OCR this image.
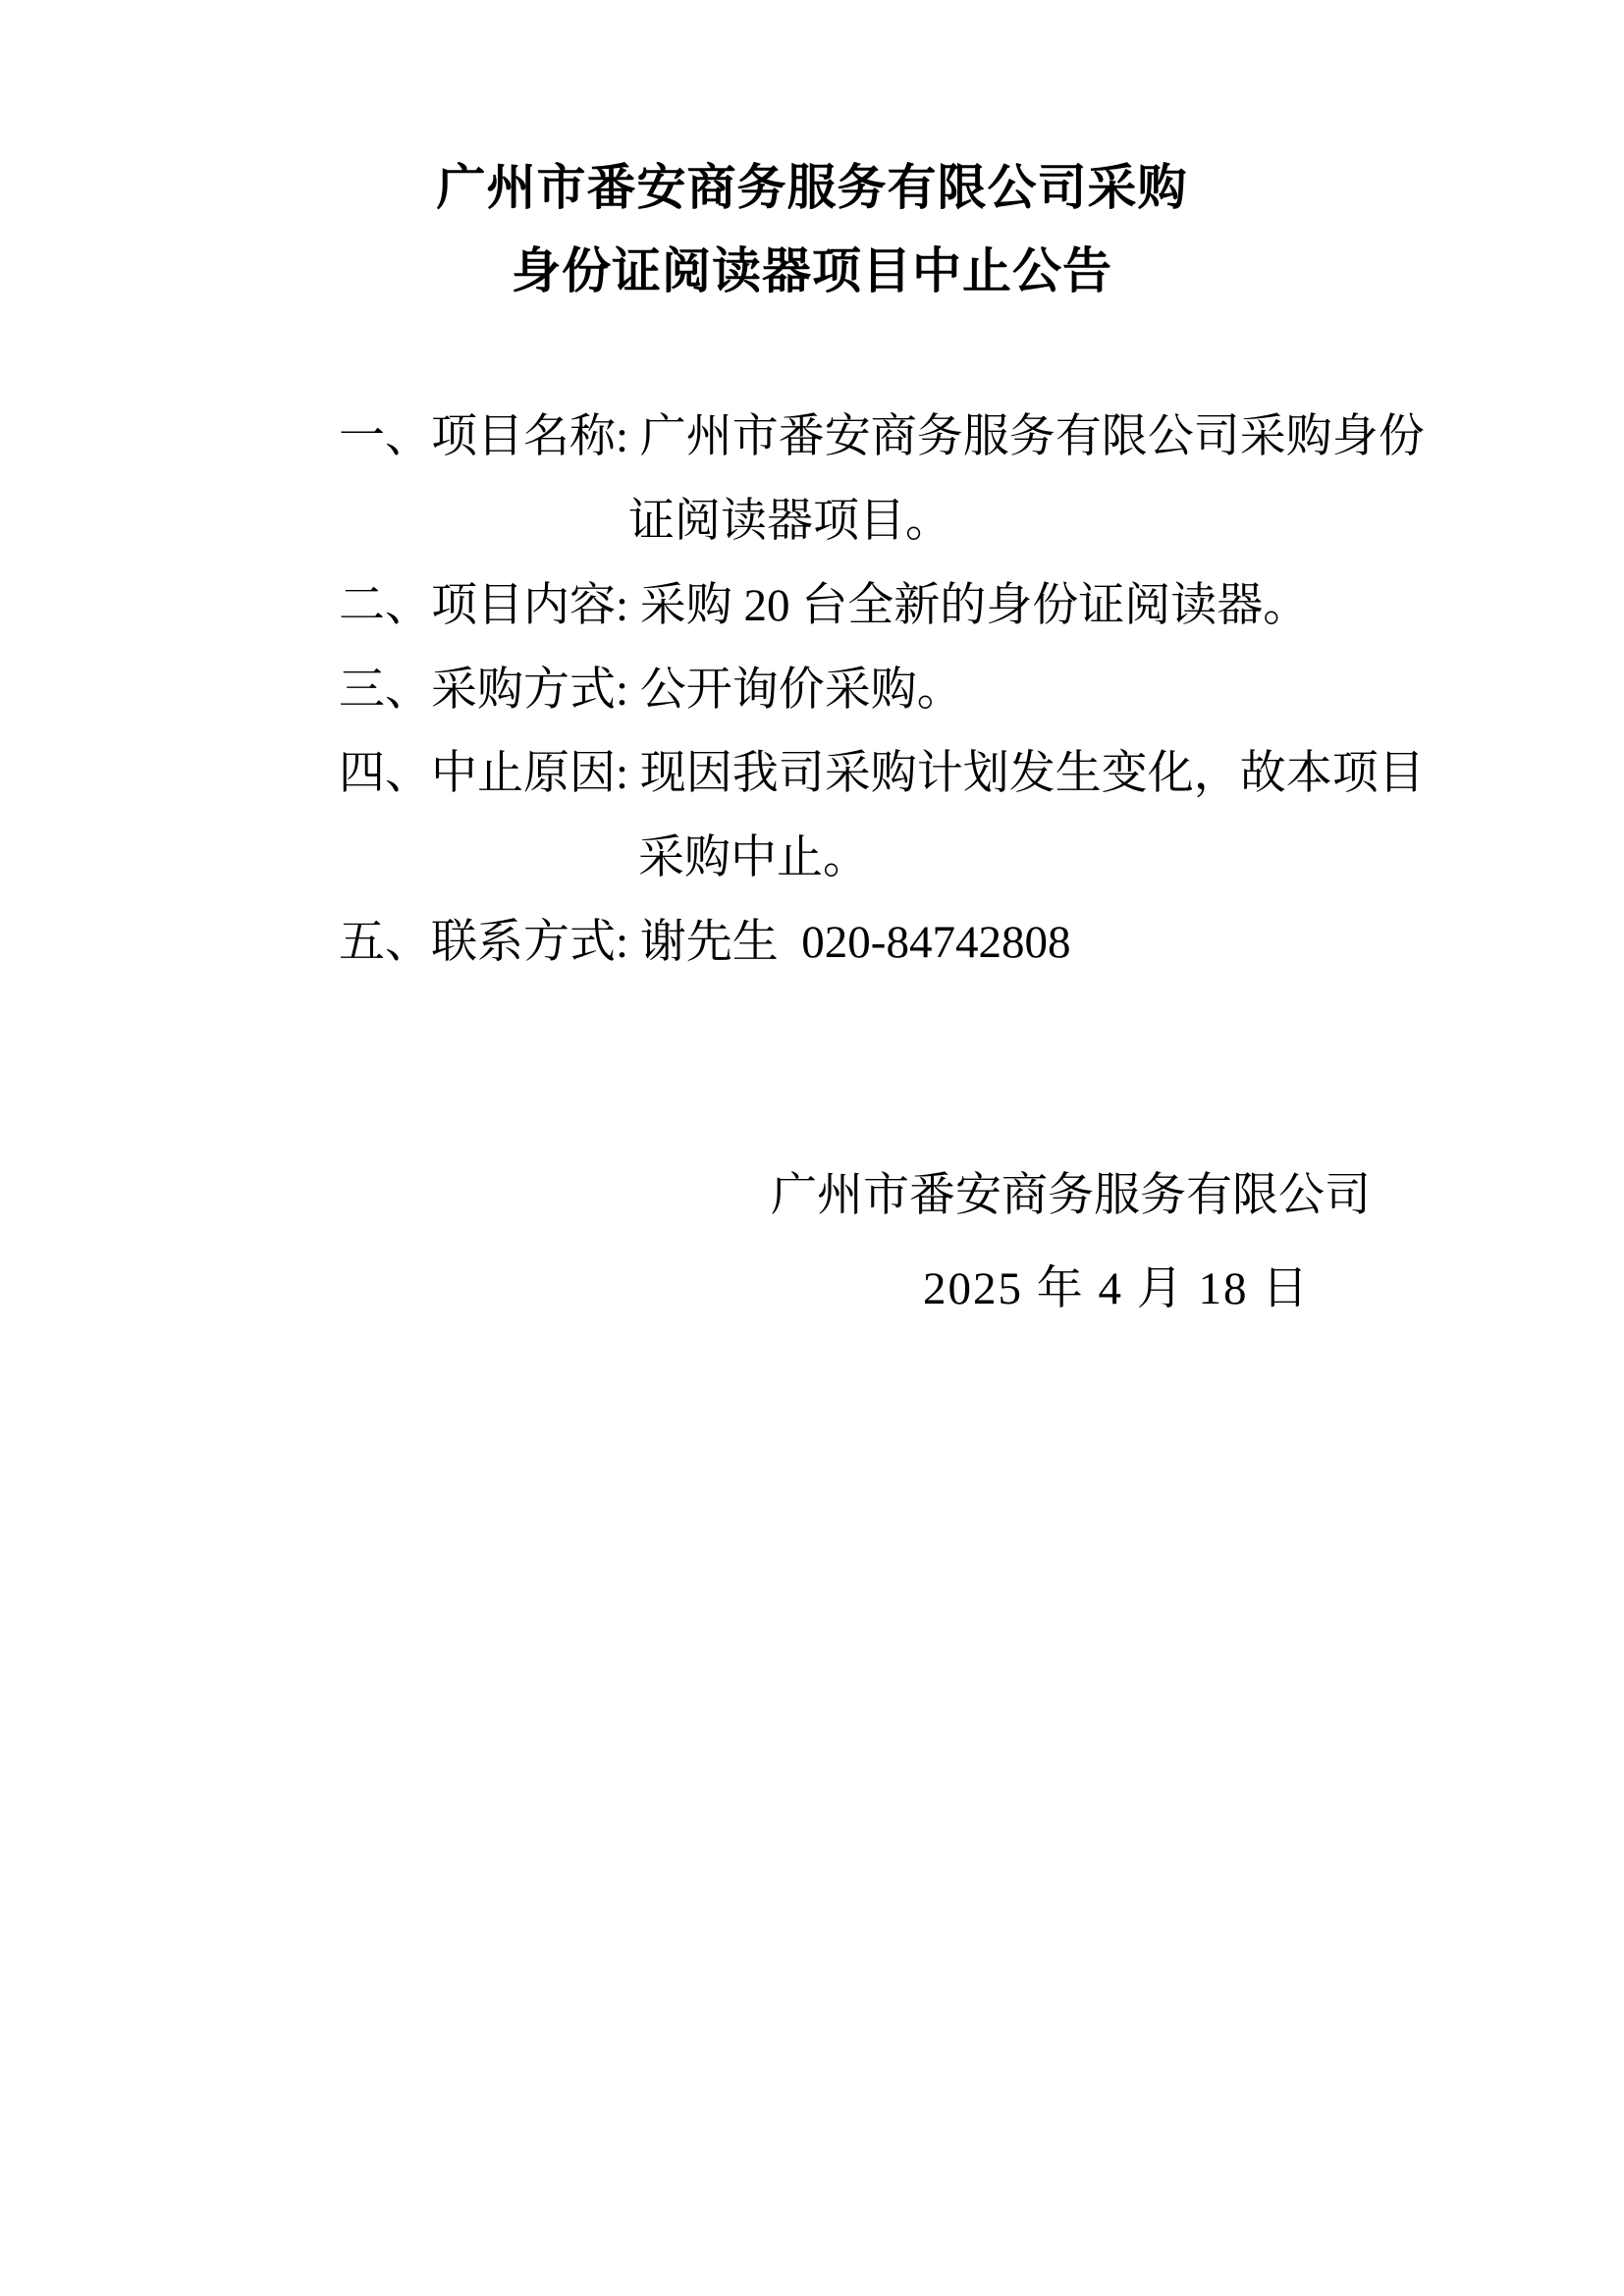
广州市番安商务服务有限公司采购
身份证阅读器项目中止公告
一、项目名称: 广州市番安商务服务有限公司采购身份
证阅读器项目。
二、项目内容: 采购 20 台全新的身份证阅读器。
三、采购方式: 公开询价采购。
四、中止原因: 现因我司采购计划发生变化，故本项目
采购中止。
五、联系方式: 谢先生  020-84742808
广州市番安商务服务有限公司
2025 年 4 月 18 日
